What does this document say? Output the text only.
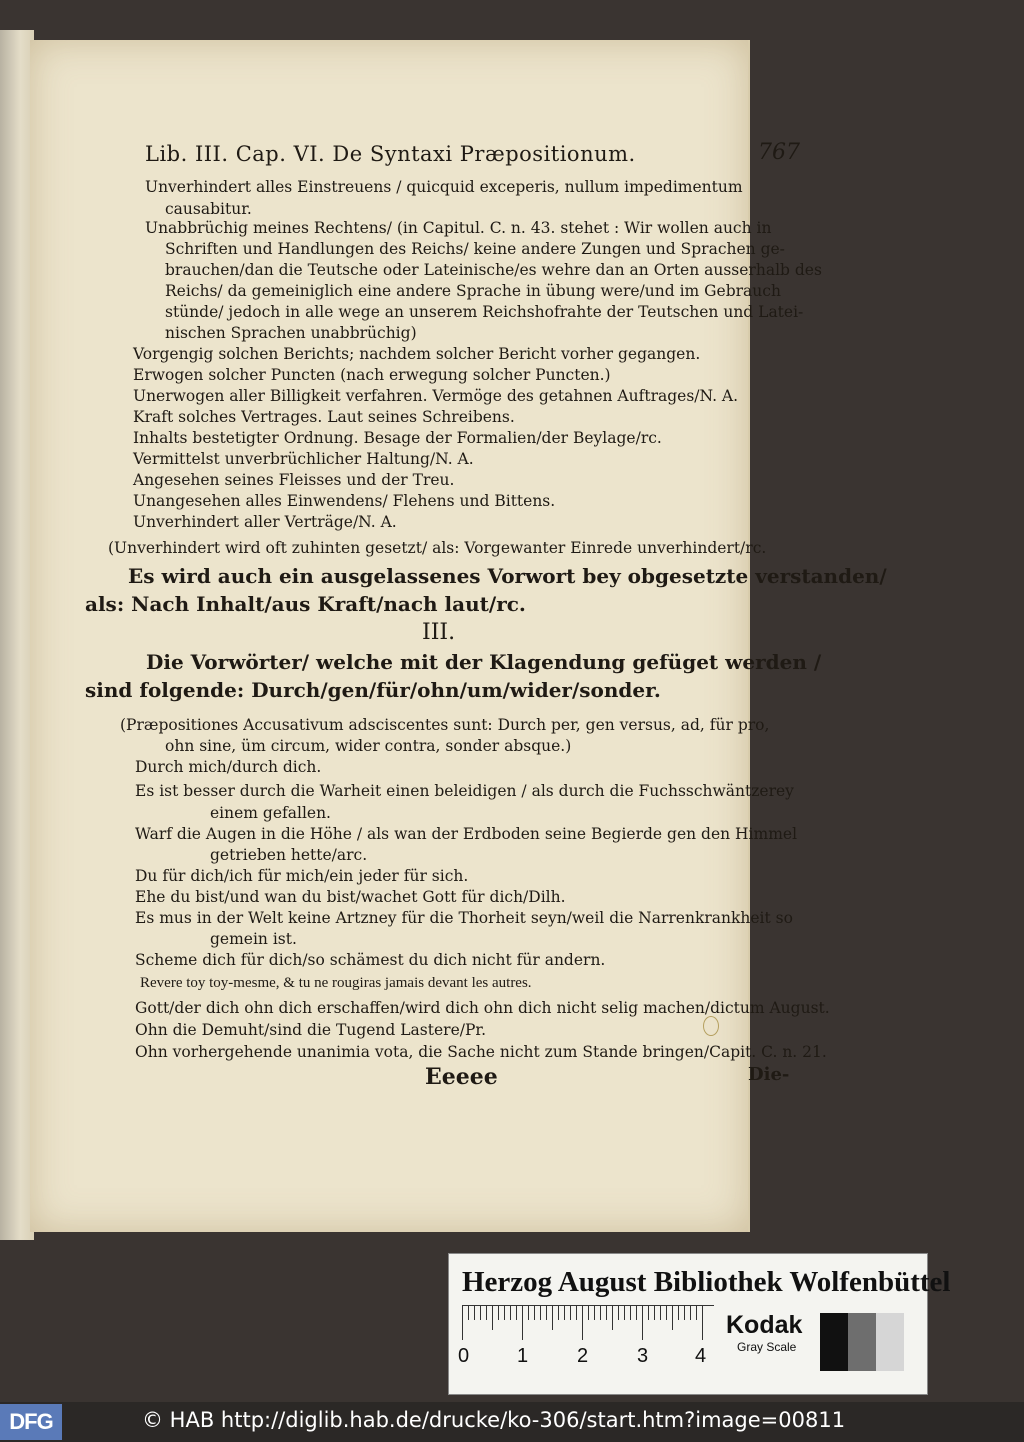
Lib. III. Cap. VI. De Syntaxi Præpositionum.	767
Unverhindert alles Einstreuens / quicquid exceperis, nullum impedimentum
causabitur.
Unabbrüchig meines Rechtens/ (in Capitul. C. n. 43. stehet : Wir wollen auch in
Schriften und Handlungen des Reichs/ keine andere Zungen und Sprachen ge-
brauchen/dan die Teutsche oder Lateinische/es wehre dan an Orten ausserhalb des
Reichs/ da gemeiniglich eine andere Sprache in übung were/und im Gebrauch
stünde/ jedoch in alle wege an unserem Reichshofrahte der Teutschen und Latei-
nischen Sprachen unabbrüchig)
Vorgengig solchen Berichts; nachdem solcher Bericht vorher gegangen.
Erwogen solcher Puncten (nach erwegung solcher Puncten.)
Unerwogen aller Billigkeit verfahren. Vermöge des getahnen Auftrages/N. A.
Kraft solches Vertrages. Laut seines Schreibens.
Inhalts bestetigter Ordnung. Besage der Formalien/der Beylage/rc.
Vermittelst unverbrüchlicher Haltung/N. A.
Angesehen seines Fleisses und der Treu.
Unangesehen alles Einwendens/ Flehens und Bittens.
Unverhindert aller Verträge/N. A.
(Unverhindert wird oft zuhinten gesetzt/ als: Vorgewanter Einrede unverhindert/rc.
Es wird auch ein ausgelassenes Vorwort bey obgesetzte verstanden/
als: Nach Inhalt/aus Kraft/nach laut/rc.
III.
Die Vorwörter/ welche mit der Klagendung gefüget werden /
sind folgende: Durch/gen/für/ohn/um/wider/sonder.
(Præpositiones Accusativum adsciscentes sunt: Durch per, gen versus, ad, für pro,
ohn sine, üm circum, wider contra, sonder absque.)
Durch mich/durch dich.
Es ist besser durch die Warheit einen beleidigen / als durch die Fuchsschwäntzerey
einem gefallen.
Warf die Augen in die Höhe / als wan der Erdboden seine Begierde gen den Himmel
getrieben hette/arc.
Du für dich/ich für mich/ein jeder für sich.
Ehe du bist/und wan du bist/wachet Gott für dich/Dilh.
Es mus in der Welt keine Artzney für die Thorheit seyn/weil die Narrenkrankheit so
gemein ist.
Scheme dich für dich/so schämest du dich nicht für andern.
Revere toy toy-mesme, & tu ne rougiras jamais devant les autres.
Gott/der dich ohn dich erschaffen/wird dich ohn dich nicht selig machen/dictum August.
Ohn die Demuht/sind die Tugend Lastere/Pr.
Ohn vorhergehende unanimia vota, die Sache nicht zum Stande bringen/Capit. C. n. 21.
Eeeee	Die-
Herzog August Bibliothek Wolfenbüttel
0 1 2 3 4
Kodak
Gray Scale
DFG	© HAB http://diglib.hab.de/drucke/ko-306/start.htm?image=00811
